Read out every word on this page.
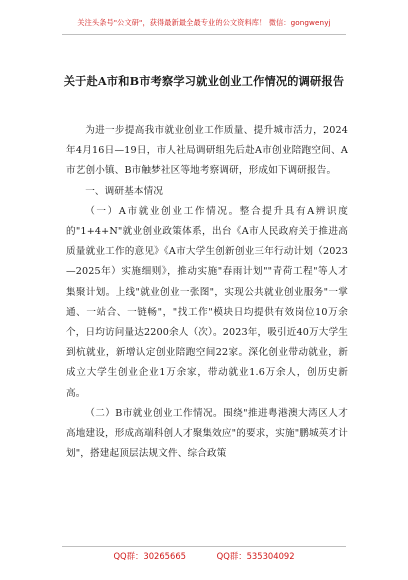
关注头条号"公文研"，获得最新最全最专业的公文资料库！ 微信：gongwenyj
关于赴A市和B市考察学习就业创业工作情况的调研报告

为进一步提高我市就业创业工作质量、提升城市活力，2024年4月16日—19日，市人社局调研组先后赴A市创业陪跑空间、A市艺创小镇、B市触梦社区等地考察调研，形成如下调研报告。

一、调研基本情况

（一）A市就业创业工作情况。整合提升具有A辨识度的"1+4+N"就业创业政策体系，出台《A市人民政府关于推进高质量就业工作的意见》《A市大学生创新创业三年行动计划（2023—2025年）实施细则》，推动实施"春雨计划""青荷工程"等人才集聚计划。上线"就业创业一张图"，实现公共就业创业服务"一掌通、一站合、一链畅"，"找工作"模块日均提供有效岗位10万余个，日均访问量达2200余人（次）。2023年，吸引近40万大学生到杭就业，新增认定创业陪跑空间22家。深化创业带动就业，新成立大学生创业企业1万余家，带动就业1.6万余人，创历史新高。

（二）B市就业创业工作情况。围绕"推进粤港澳大湾区人才高地建设，形成高端科创人才聚集效应"的要求，实施"鹏城英才计划"，搭建起顶层法规文件、综合政策

QQ群：30265665	QQ群：535304092
